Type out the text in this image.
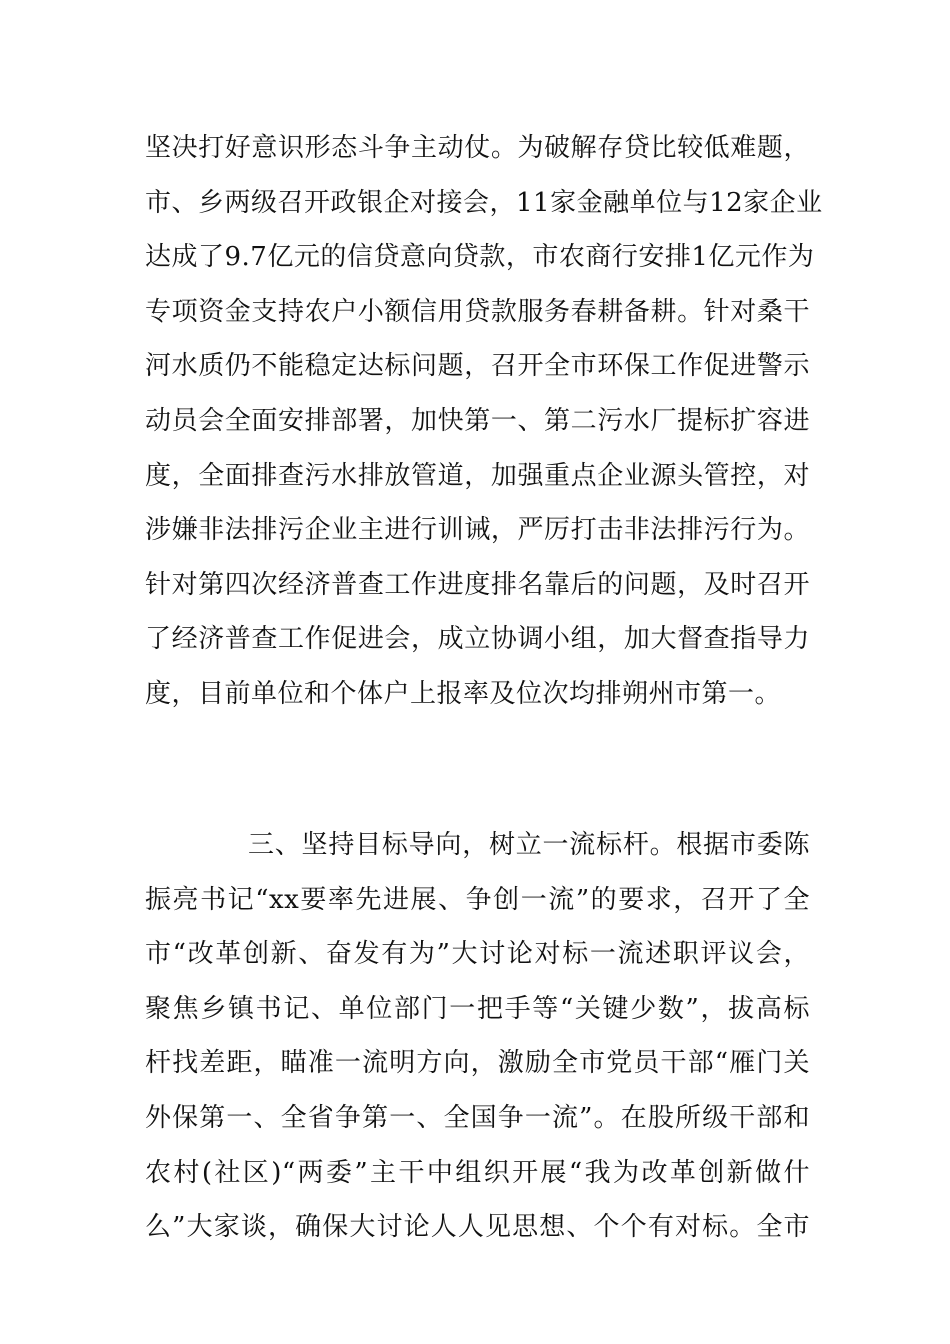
坚决打好意识形态斗争主动仗。为破解存贷比较低难题，
市、乡两级召开政银企对接会，11家金融单位与12家企业
达成了9.7亿元的信贷意向贷款，市农商行安排1亿元作为
专项资金支持农户小额信用贷款服务春耕备耕。针对桑干
河水质仍不能稳定达标问题，召开全市环保工作促进警示
动员会全面安排部署，加快第一、第二污水厂提标扩容进
度，全面排查污水排放管道，加强重点企业源头管控，对
涉嫌非法排污企业主进行训诫，严厉打击非法排污行为。
针对第四次经济普查工作进度排名靠后的问题，及时召开
了经济普查工作促进会，成立协调小组，加大督查指导力
度，目前单位和个体户上报率及位次均排朔州市第一。
三、坚持目标导向，树立一流标杆。根据市委陈
振亮书记“xx要率先进展、争创一流”的要求，召开了全
市“改革创新、奋发有为”大讨论对标一流述职评议会，
聚焦乡镇书记、单位部门一把手等“关键少数”，拔高标
杆找差距，瞄准一流明方向，激励全市党员干部“雁门关
外保第一、全省争第一、全国争一流”。在股所级干部和
农村(社区)“两委”主干中组织开展“我为改革创新做什
么”大家谈，确保大讨论人人见思想、个个有对标。全市
